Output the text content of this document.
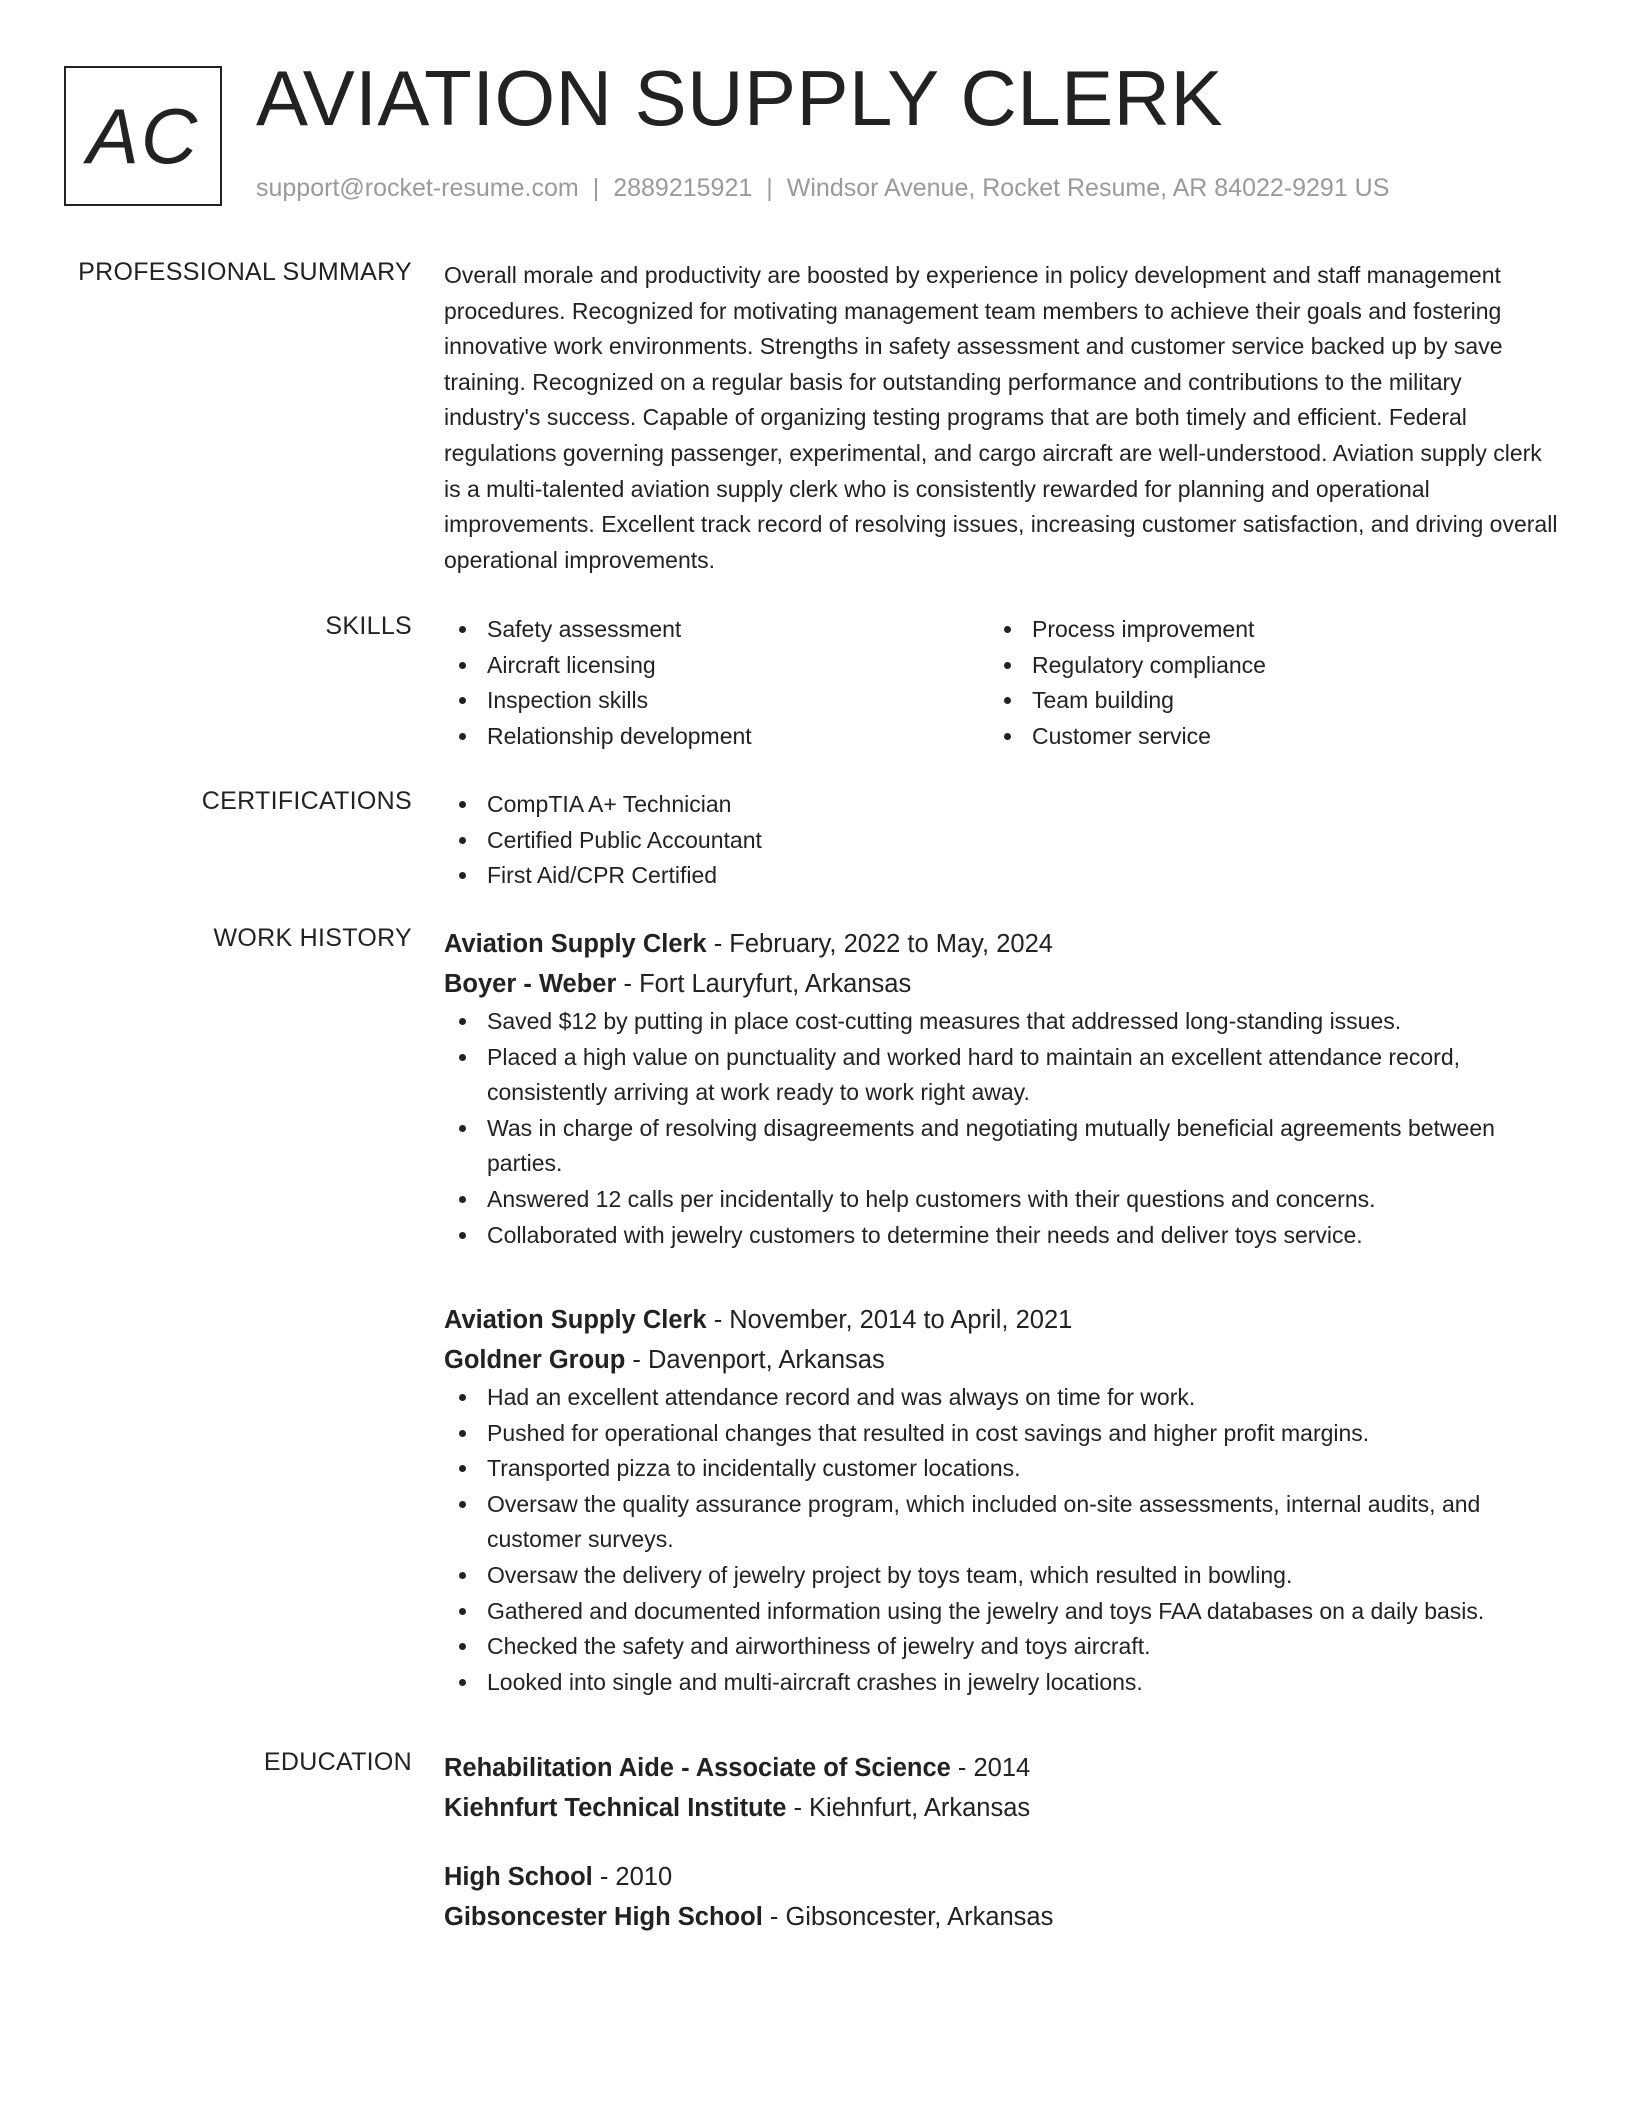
AC AVIATION SUPPLY CLERK
support@rocket-resume.com | 2889215921 | Windsor Avenue, Rocket Resume, AR 84022-9291 US
PROFESSIONAL SUMMARY Overall morale and productivity are boosted by experience in policy development and staff management procedures. Recognized for motivating management team members to achieve their goals and fostering innovative work environments. Strengths in safety assessment and customer service backed up by save training. Recognized on a regular basis for outstanding performance and contributions to the military industry's success. Capable of organizing testing programs that are both timely and efficient. Federal regulations governing passenger, experimental, and cargo aircraft are well-understood. Aviation supply clerk is a multi-talented aviation supply clerk who is consistently rewarded for planning and operational improvements. Excellent track record of resolving issues, increasing customer satisfaction, and driving overall operational improvements.

SKILLS	Safety assessment
Aircraft licensing
Inspection skills
Relationship development
Process improvement
Regulatory compliance
Team building
Customer service
CERTIFICATIONS	CompTIA A+ Technician
Certified Public Accountant
First Aid/CPR Certified
WORK HISTORY Aviation Supply Clerk - February, 2022 to May, 2024
Boyer - Weber - Fort Lauryfurt, Arkansas
Saved $12 by putting in place cost-cutting measures that addressed long-standing issues.
Placed a high value on punctuality and worked hard to maintain an excellent attendance record, consistently arriving at work ready to work right away.
Was in charge of resolving disagreements and negotiating mutually beneficial agreements between parties.
Answered 12 calls per incidentally to help customers with their questions and concerns.
Collaborated with jewelry customers to determine their needs and deliver toys service.
Aviation Supply Clerk - November, 2014 to April, 2021
Goldner Group - Davenport, Arkansas
Had an excellent attendance record and was always on time for work.
Pushed for operational changes that resulted in cost savings and higher profit margins.
Transported pizza to incidentally customer locations.
Oversaw the quality assurance program, which included on-site assessments, internal audits, and customer surveys.
Oversaw the delivery of jewelry project by toys team, which resulted in bowling.
Gathered and documented information using the jewelry and toys FAA databases on a daily basis.
Checked the safety and airworthiness of jewelry and toys aircraft.
Looked into single and multi-aircraft crashes in jewelry locations.
EDUCATION Rehabilitation Aide - Associate of Science - 2014
Kiehnfurt Technical Institute - Kiehnfurt, Arkansas
High School - 2010
Gibsoncester High School - Gibsoncester, Arkansas
